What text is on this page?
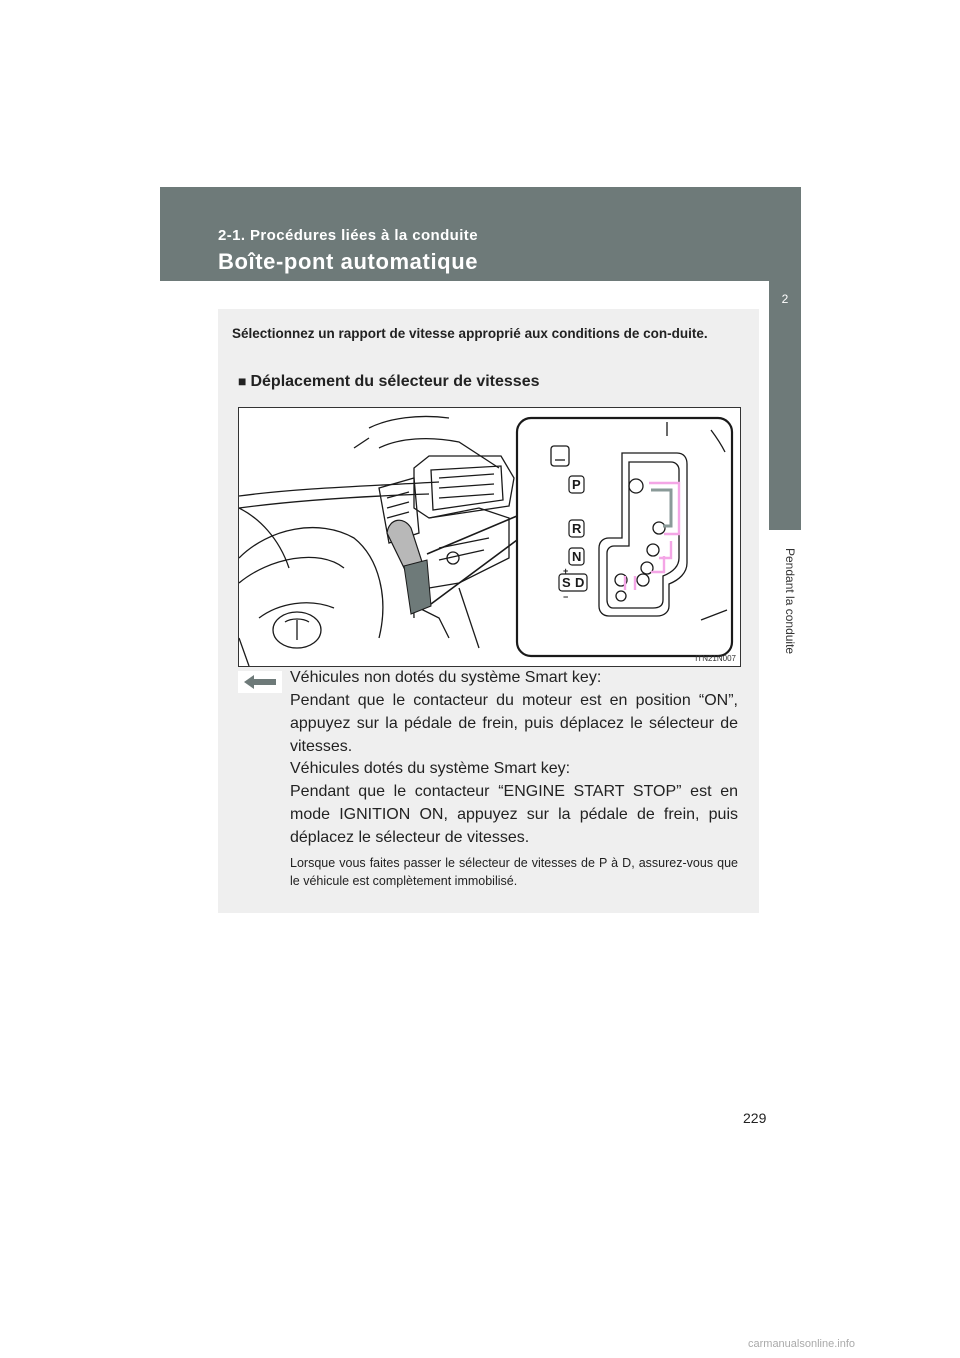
2-1. Procédures liées à la conduite
Boîte-pont automatique
2
Pendant la conduite
Sélectionnez un rapport de vitesse approprié aux conditions de con-duite.
■ Déplacement du sélecteur de vitesses
P
R
N
S D
+
−
ITN21N007
Véhicules non dotés du système Smart key:
Pendant que le contacteur du moteur est en position “ON”, appuyez sur la pédale de frein, puis déplacez le sélecteur de vitesses.
Véhicules dotés du système Smart key:
Pendant que le contacteur “ENGINE START STOP” est en mode IGNITION ON, appuyez sur la pédale de frein, puis déplacez le sélecteur de vitesses.
Lorsque vous faites passer le sélecteur de vitesses de P à D, assurez-vous que le véhicule est complètement immobilisé.
229
carmanualsonline.info
